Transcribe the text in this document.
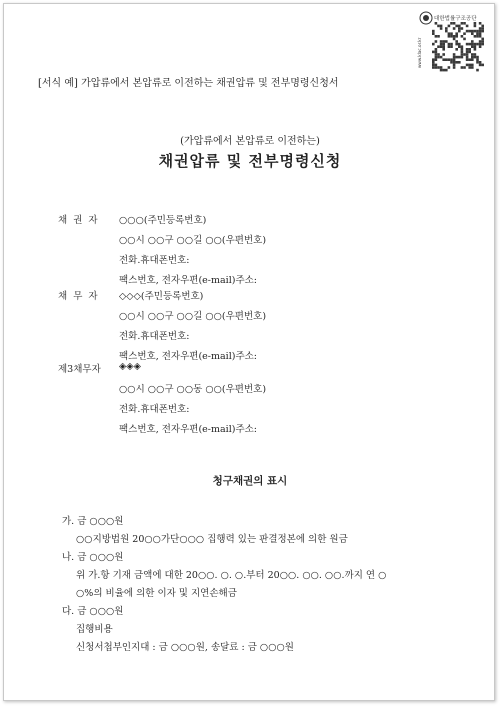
대한법률구조공단
www.klac.or.kr
[서식 예] 가압류에서 본압류로 이전하는 채권압류 및 전부명령신청서
(가압류에서 본압류로 이전하는)
채권압류 및 전부명령신청
채  권  자 ○○○(주민등록번호)
○○시 ○○구 ○○길 ○○(우편번호)
전화.휴대폰번호:
팩스번호, 전자우편(e-mail)주소:
채  무  자 ◇◇◇(주민등록번호)
○○시 ○○구 ○○길 ○○(우편번호)
전화.휴대폰번호:
팩스번호, 전자우편(e-mail)주소:
제3채무자 ◈◈◈
○○시 ○○구 ○○동 ○○(우편번호)
전화.휴대폰번호:
팩스번호, 전자우편(e-mail)주소:
청구채권의 표시
가. 금 ○○○원
○○지방법원 20○○가단○○○ 집행력 있는 판결정본에 의한 원금
나. 금 ○○○원
위 가.항 기재 금액에 대한 20○○. ○. ○.부터 20○○. ○○. ○○.까지 연 ○
○%의 비율에 의한 이자 및 지연손해금
다. 금 ○○○원
집행비용
신청서첩부인지대 : 금 ○○○원, 송달료 : 금 ○○○원
